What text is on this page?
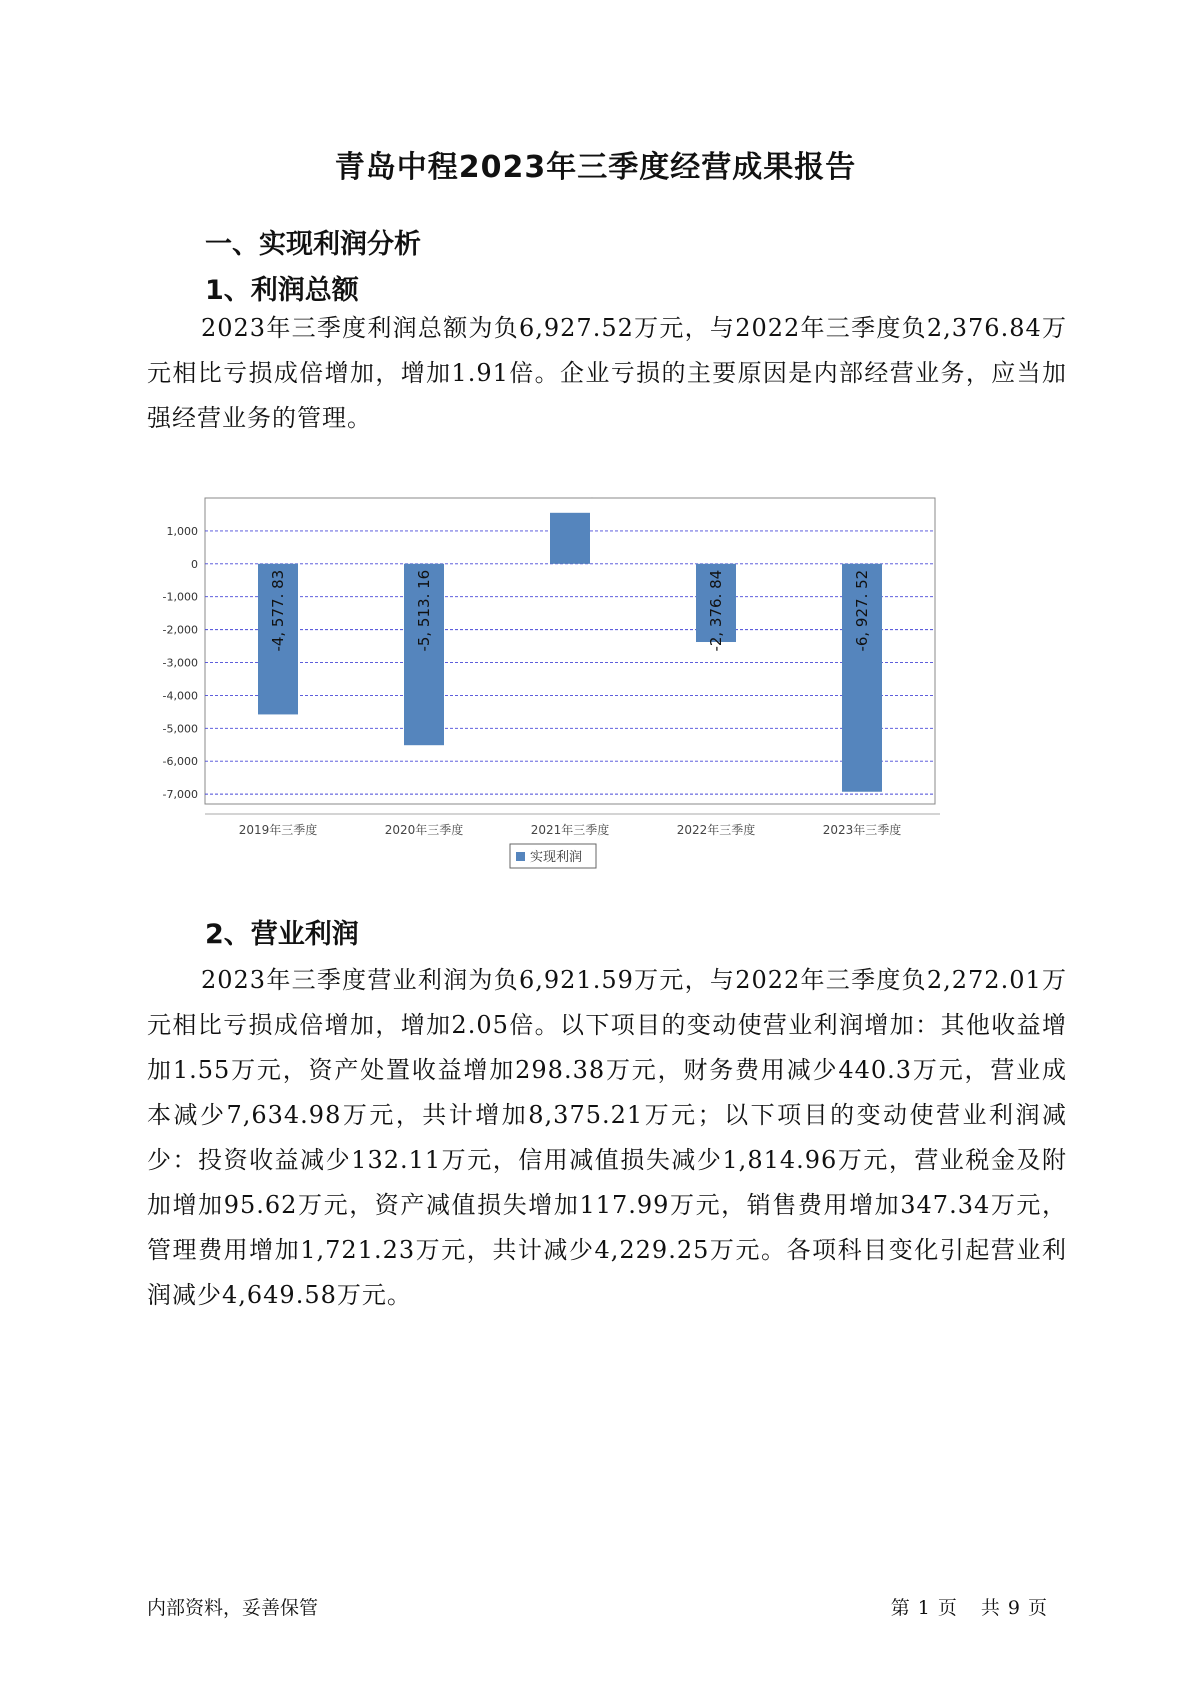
青岛中程2023年三季度经营成果报告
一、实现利润分析
1、利润总额
2023年三季度利润总额为负6,927.52万元，与2022年三季度负2,376.84万元相比亏损成倍增加，增加1.91倍。企业亏损的主要原因是内部经营业务，应当加强经营业务的管理。
1,000
0
-1,000
-2,000
-3,000
-4,000
-5,000
-6,000
-7,000
-4, 577. 83	-5, 513. 16	-2, 376. 84	-6, 927. 52
2019年三季度	2020年三季度	2021年三季度	2022年三季度	2023年三季度
实现利润
2、营业利润
2023年三季度营业利润为负6,921.59万元，与2022年三季度负2,272.01万元相比亏损成倍增加，增加2.05倍。以下项目的变动使营业利润增加：其他收益增加1.55万元，资产处置收益增加298.38万元，财务费用减少440.3万元，营业成本减少7,634.98万元，共计增加8,375.21万元；以下项目的变动使营业利润减少：投资收益减少132.11万元，信用减值损失减少1,814.96万元，营业税金及附加增加95.62万元，资产减值损失增加117.99万元，销售费用增加347.34万元，管理费用增加1,721.23万元，共计减少4,229.25万元。各项科目变化引起营业利润减少4,649.58万元。
内部资料，妥善保管	第 1 页 共 9 页
